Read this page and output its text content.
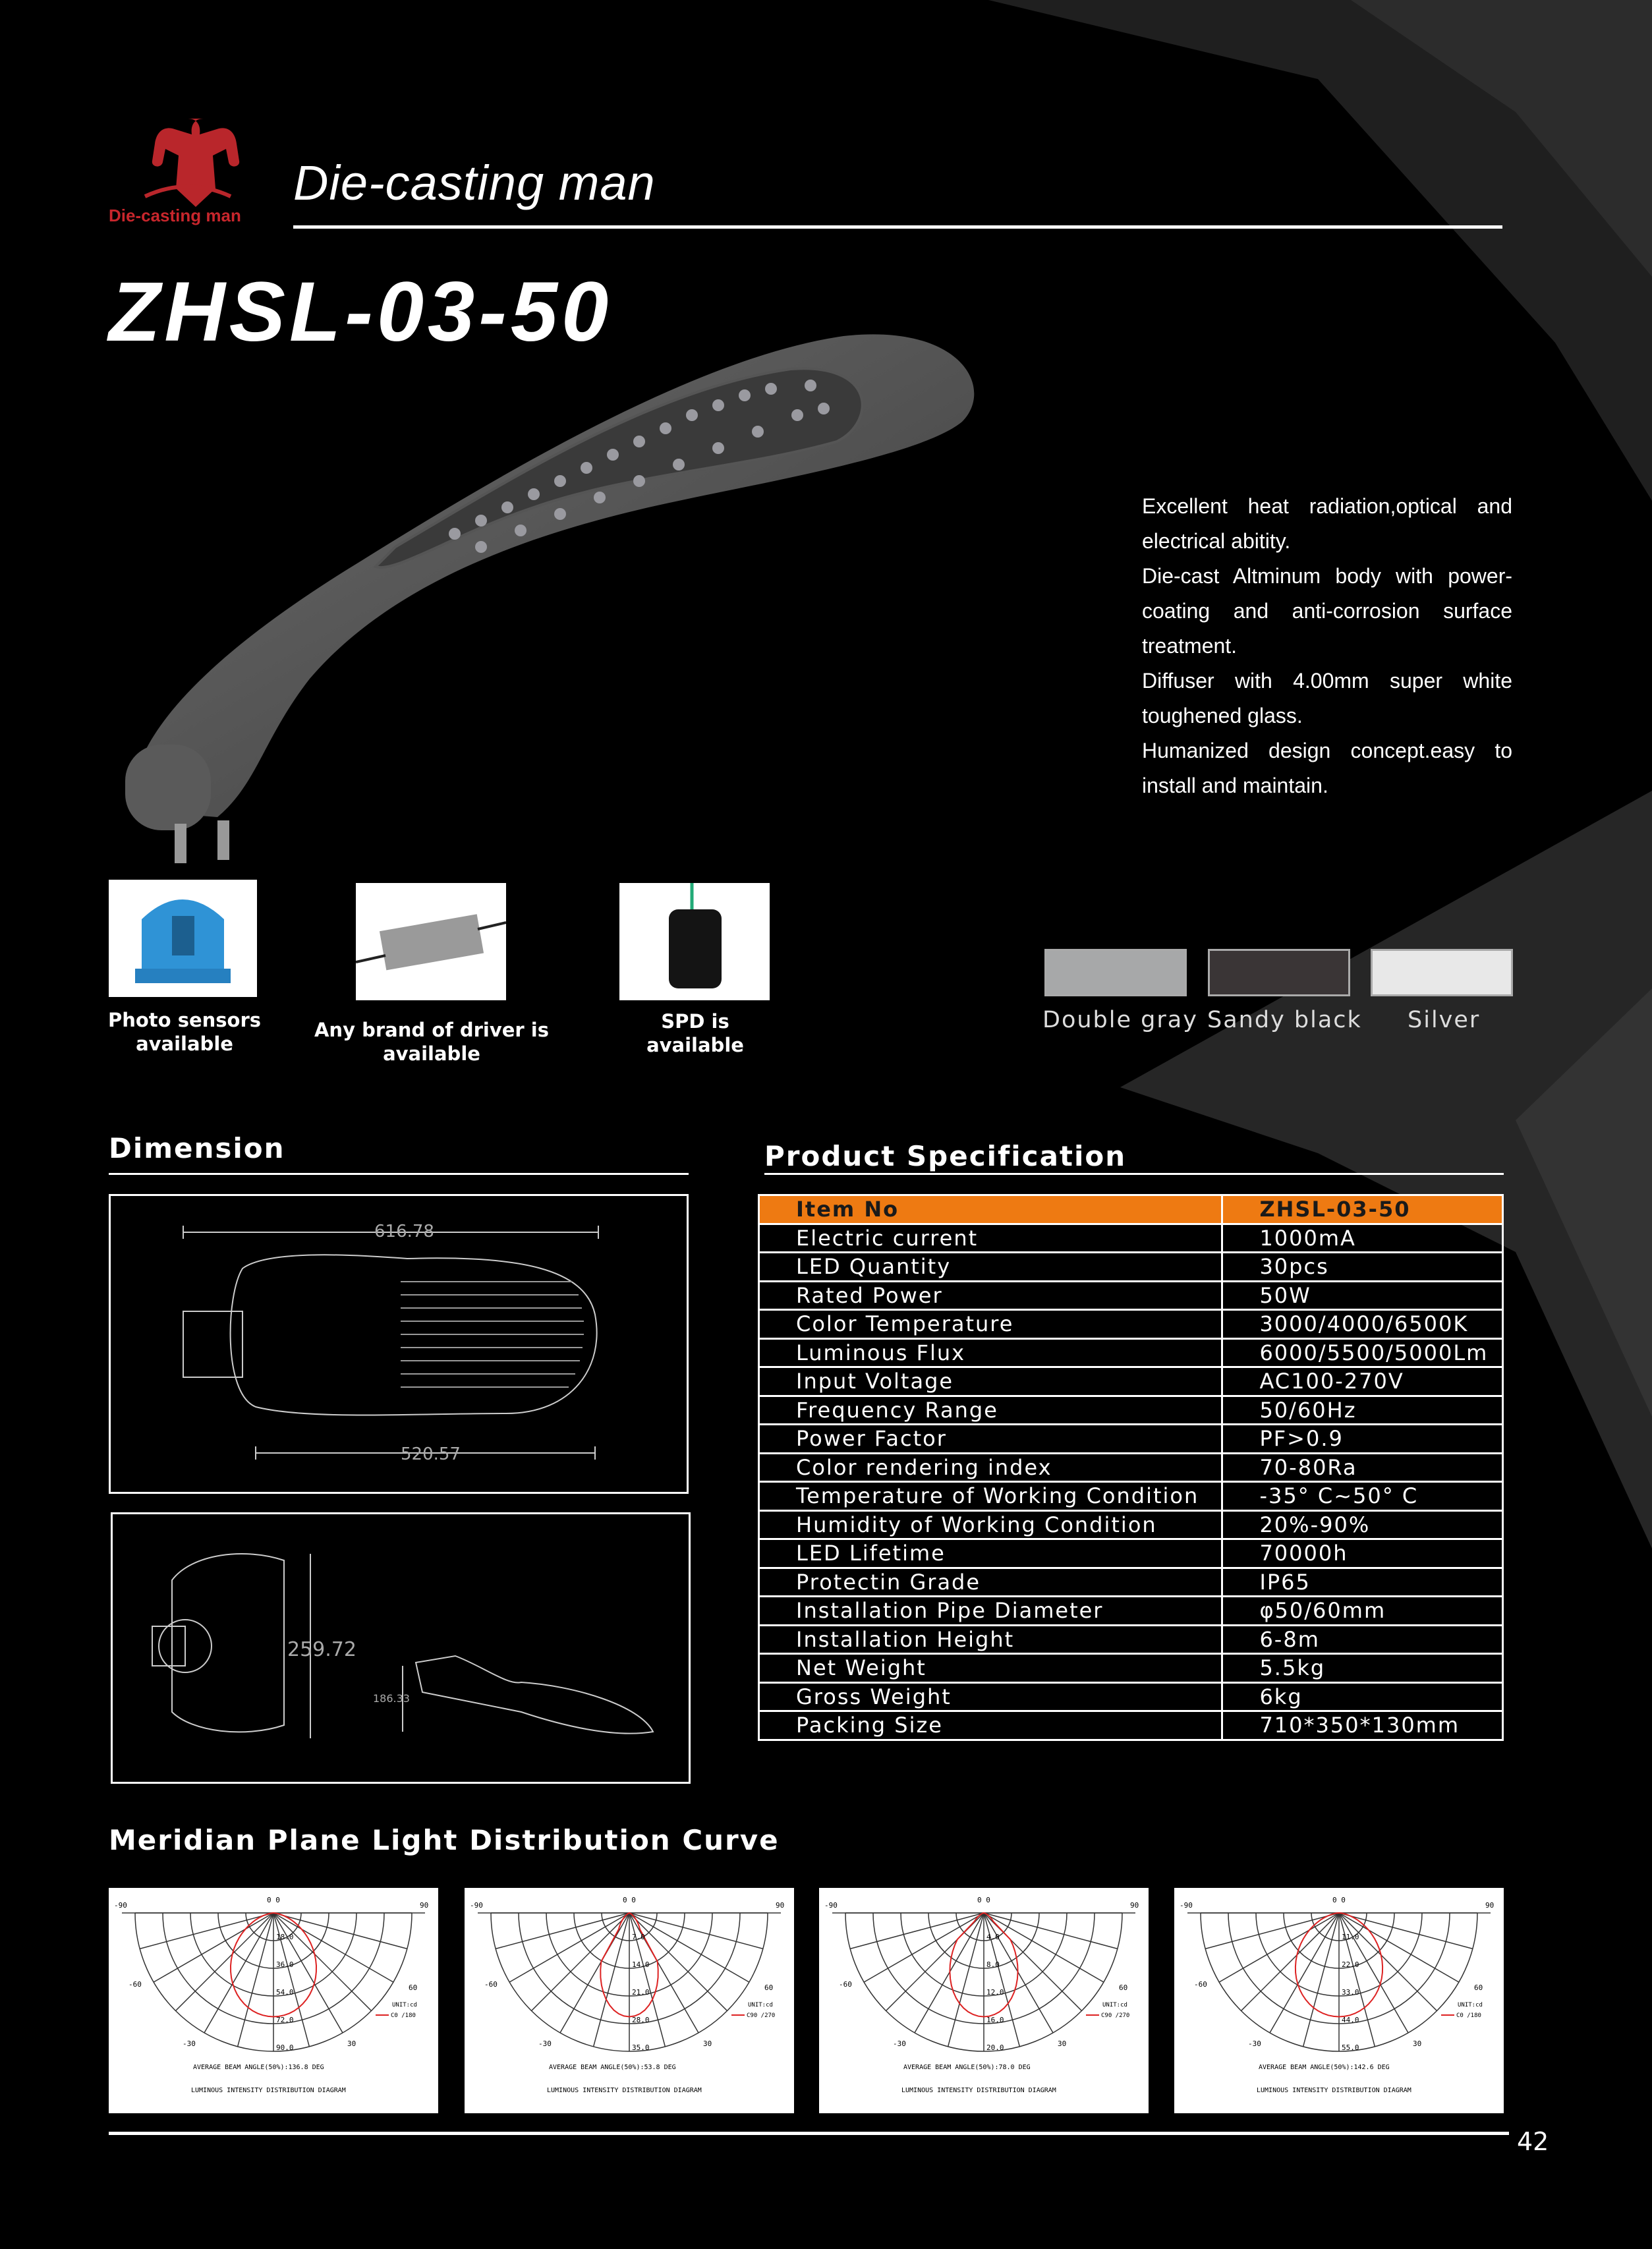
Die-casting man
Die-casting man
ZHSL-03-50

Excellent heat radiation,optical and electrical abitity.

Die-cast Altminum body with power-coating and anti-corrosion surface treatment.

Diffuser with 4.00mm super white toughened glass.

Humanized design concept.easy to install and maintain.

Photo sensors available
Any brand of driver is available
SPD is available
Double gray Sandy black Silver
Dimension
616.78
520.57
259.72
186.33
Product Specification
Item No	ZHSL-03-50
Electric current	1000mA
LED Quantity	30pcs
Rated Power	50W
Color Temperature	3000/4000/6500K
Luminous Flux	6000/5500/5000Lm
Input Voltage	AC100-270V
Frequency Range	50/60Hz
Power Factor	PF>0.9
Color rendering index	70-80Ra
Temperature of Working Condition	-35° C~50° C
Humidity of Working Condition	20%-90%
LED Lifetime	70000h
Protectin Grade	IP65
Installation Pipe Diameter	φ50/60mm
Installation Height	6-8m
Net Weight	5.5kg
Gross Weight	6kg
Packing Size	710*350*130mm
Meridian Plane Light Distribution Curve
18.0
36.0
54.0
72.0
90.0
-90	90
0 0
-60	60
-30	30
UNIT:cd
C0 /180
AVERAGE BEAM ANGLE(50%):136.8 DEG
LUMINOUS INTENSITY DISTRIBUTION DIAGRAM
7.0
14.0
21.0
28.0
35.0
-90	90
0 0
-60	60
-30	30
UNIT:cd
C90 /270
AVERAGE BEAM ANGLE(50%):53.8 DEG
LUMINOUS INTENSITY DISTRIBUTION DIAGRAM
4.0
8.0
12.0
16.0
20.0
-90	90
0 0
-60	60
-30	30
UNIT:cd
C90 /270
AVERAGE BEAM ANGLE(50%):78.0 DEG
LUMINOUS INTENSITY DISTRIBUTION DIAGRAM
11.0
22.0
33.0
44.0
55.0
-90	90
0 0
-60	60
-30	30
UNIT:cd
C0 /180
AVERAGE BEAM ANGLE(50%):142.6 DEG
LUMINOUS INTENSITY DISTRIBUTION DIAGRAM
42
